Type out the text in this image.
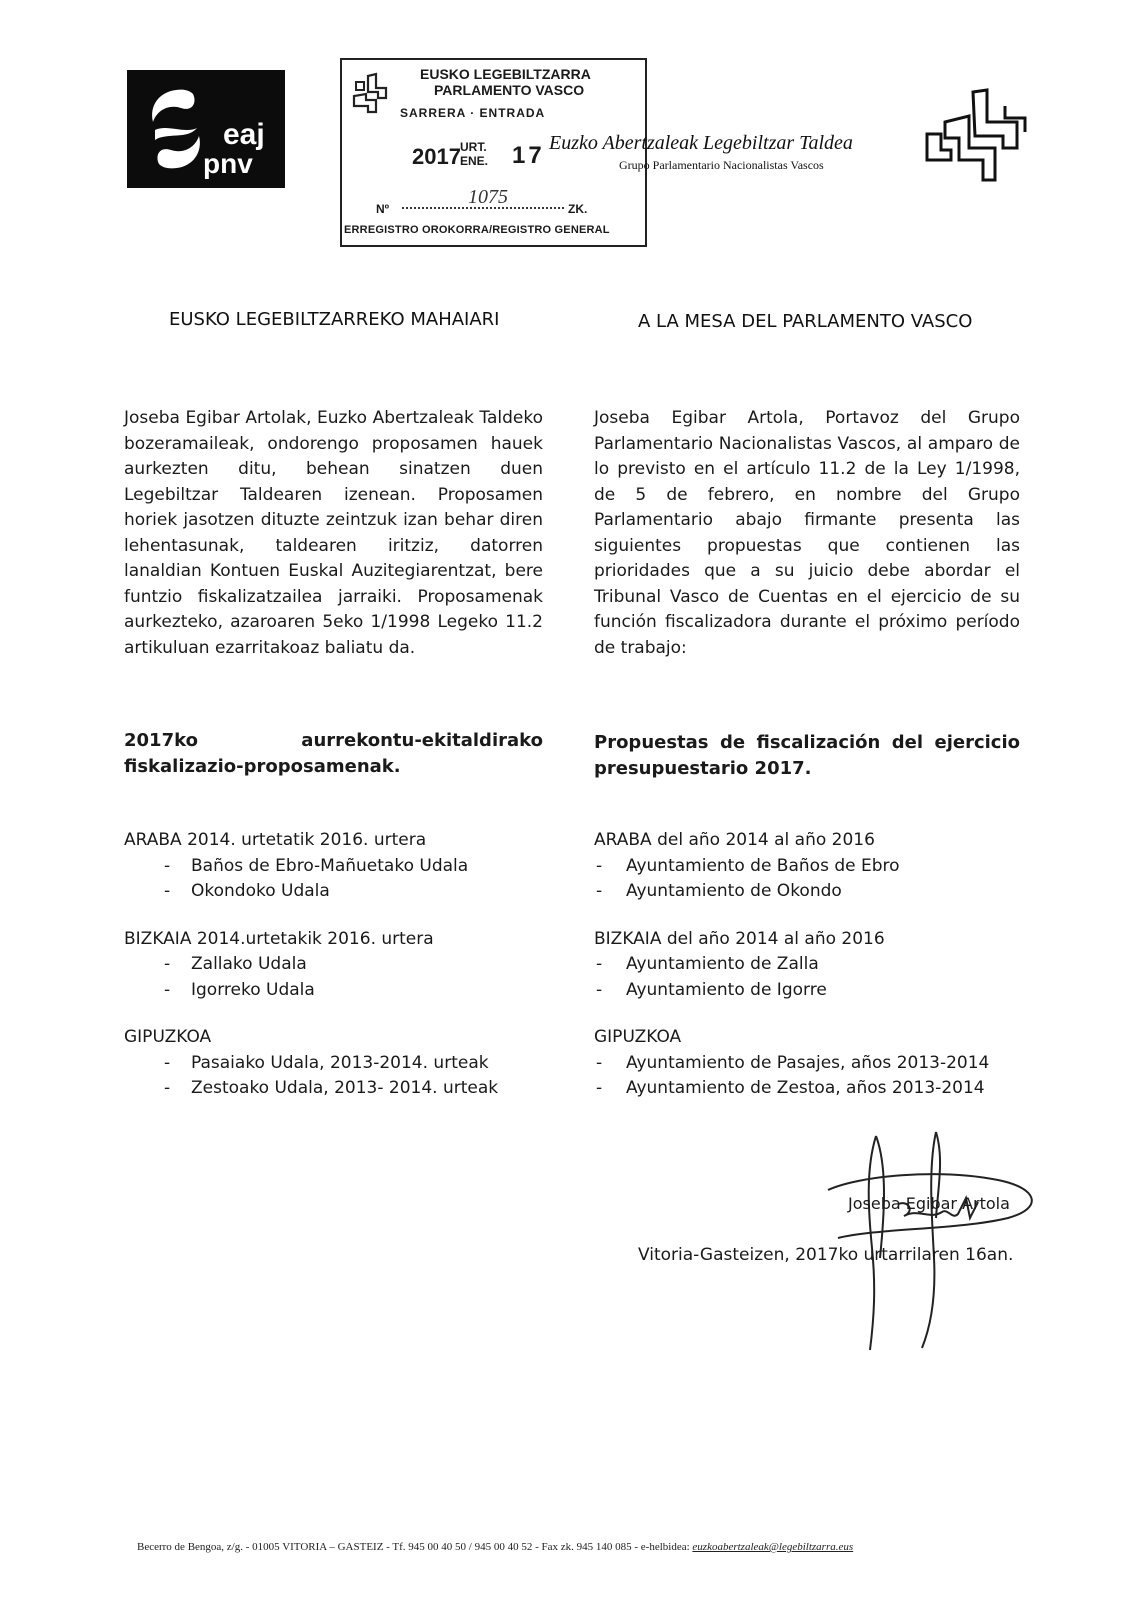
eaj
pnv
EUSKO LEGEBILTZARRA
PARLAMENTO VASCO
SARRERA · ENTRADA
2017 URT.
ENE. 17
Nº
1075
ZK.
ERREGISTRO OROKORRA/REGISTRO GENERAL
Euzko Abertzaleak Legebiltzar Taldea
Grupo Parlamentario Nacionalistas Vascos
EUSKO LEGEBILTZARREKO MAHAIARI	A LA MESA DEL PARLAMENTO VASCO
Joseba Egibar Artolak, Euzko Abertzaleak Taldeko bozeramaileak, ondorengo proposamen hauek aurkezten ditu, behean sinatzen duen Legebiltzar Taldearen izenean. Proposamen horiek jasotzen dituzte zeintzuk izan behar diren lehentasunak, taldearen iritziz, datorren lanaldian Kontuen Euskal Auzitegiarentzat, bere funtzio fiskalizatzailea jarraiki. Proposamenak aurkezteko, azaroaren 5eko 1/1998 Legeko 11.2 artikuluan ezarritakoaz baliatu da.
Joseba Egibar Artola, Portavoz del Grupo Parlamentario Nacionalistas Vascos, al amparo de lo previsto en el artículo 11.2 de la Ley 1/1998, de 5 de febrero, en nombre del Grupo Parlamentario abajo firmante presenta las siguientes propuestas que contienen las prioridades que a su juicio debe abordar el Tribunal Vasco de Cuentas en el ejercicio de su función fiscalizadora durante el próximo período de trabajo:
2017ko aurrekontu-ekitaldirako fiskalizazio-proposamenak.
Propuestas de fiscalización del ejercicio presupuestario 2017.
ARABA 2014. urtetatik 2016. urtera
- Baños de Ebro-Mañuetako Udala
- Okondoko Udala
BIZKAIA 2014.urtetakik 2016. urtera
- Zallako Udala
- Igorreko Udala
GIPUZKOA
- Pasaiako Udala, 2013-2014. urteak
- Zestoako Udala, 2013- 2014. urteak
ARABA del año 2014 al año 2016
- Ayuntamiento de Baños de Ebro
- Ayuntamiento de Okondo
BIZKAIA del año 2014 al año 2016
- Ayuntamiento de Zalla
- Ayuntamiento de Igorre
GIPUZKOA
- Ayuntamiento de Pasajes, años 2013-2014
- Ayuntamiento de Zestoa, años 2013-2014
Joseba Egibar Artola
Vitoria-Gasteizen, 2017ko urtarrilaren 16an.
Becerro de Bengoa, z/g. - 01005 VITORIA – GASTEIZ - Tf. 945 00 40 50 / 945 00 40 52 - Fax zk. 945 140 085 - e-helbidea: euzkoabertzaleak@legebiltzarra.eus
